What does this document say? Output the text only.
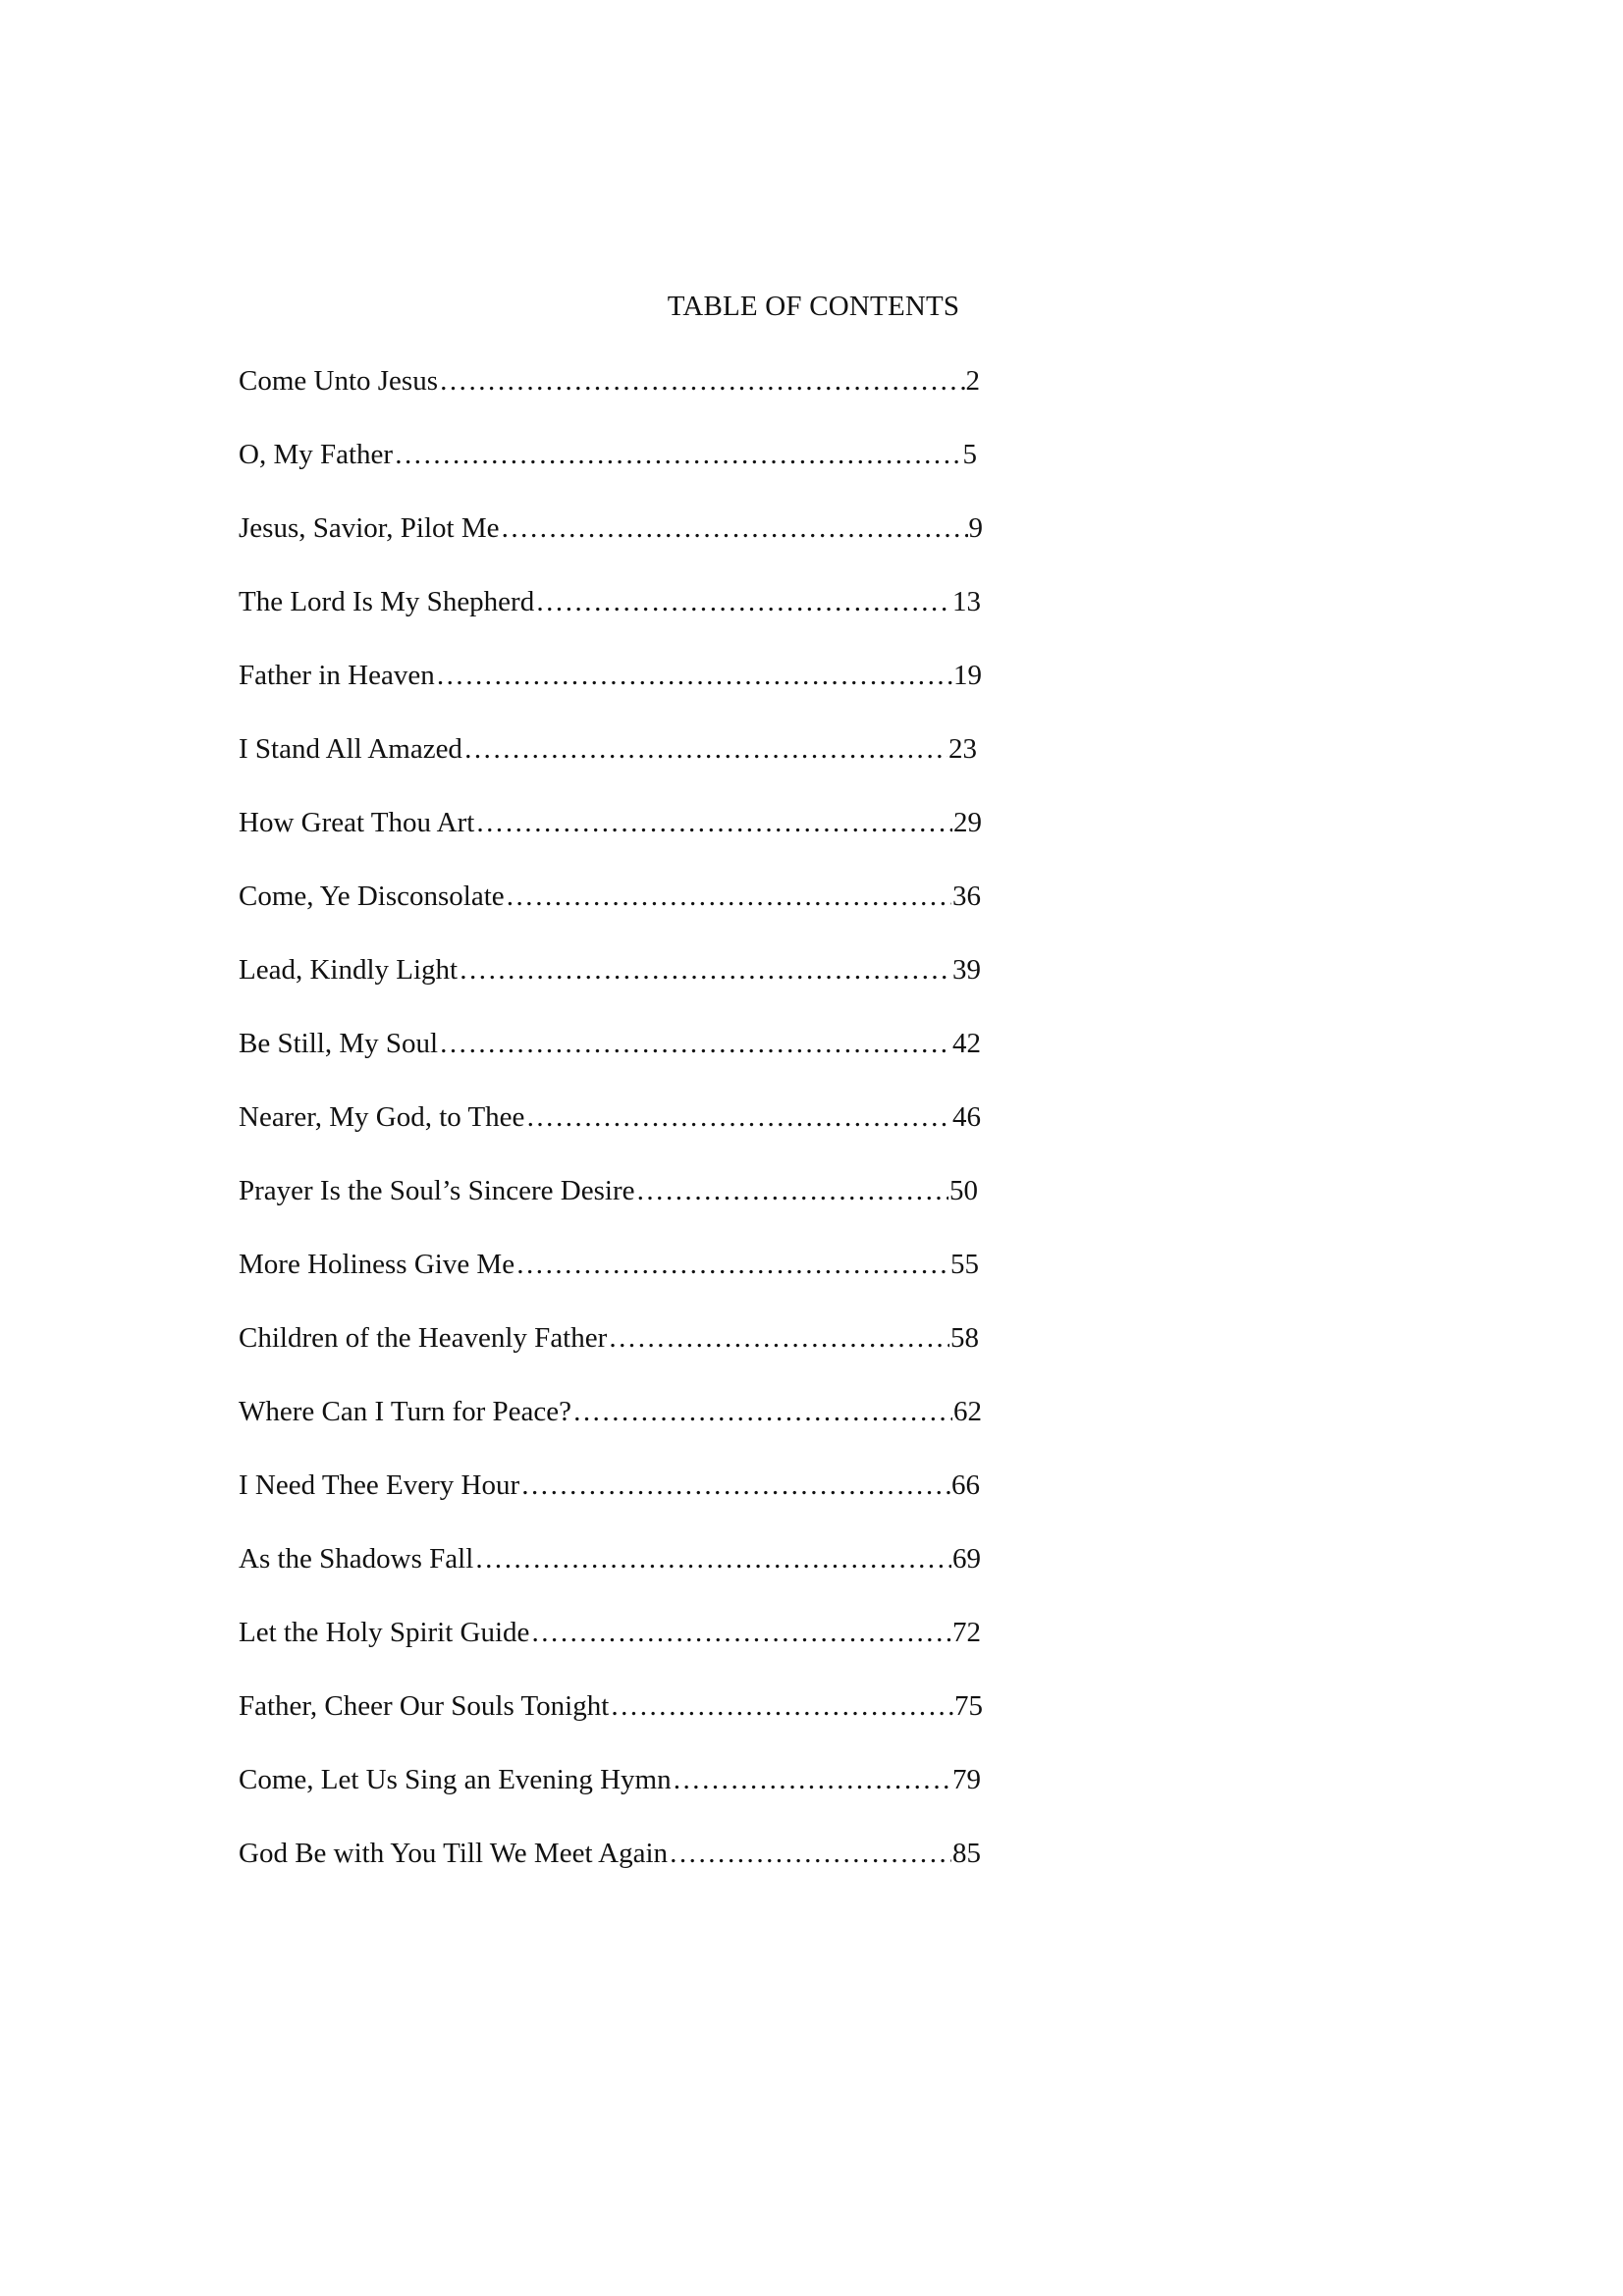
TABLE OF CONTENTS
Come Unto Jesus …………………………………………………………………………………………………………………………………………………………	2
O, My Father …………………………………………………………………………………………………………………………………………………………	5
Jesus, Savior, Pilot Me …………………………………………………………………………………………………………………………………………………………	9
The Lord Is My Shepherd …………………………………………………………………………………………………………………………………………………………	13
Father in Heaven …………………………………………………………………………………………………………………………………………………………	19
I Stand All Amazed …………………………………………………………………………………………………………………………………………………………	23
How Great Thou Art …………………………………………………………………………………………………………………………………………………………	29
Come, Ye Disconsolate …………………………………………………………………………………………………………………………………………………………	36
Lead, Kindly Light …………………………………………………………………………………………………………………………………………………………	39
Be Still, My Soul …………………………………………………………………………………………………………………………………………………………	42
Nearer, My God, to Thee …………………………………………………………………………………………………………………………………………………………	46
Prayer Is the Soul’s Sincere Desire …………………………………………………………………………………………………………………………………………………………	50
More Holiness Give Me …………………………………………………………………………………………………………………………………………………………	55
Children of the Heavenly Father …………………………………………………………………………………………………………………………………………………………	58
Where Can I Turn for Peace? …………………………………………………………………………………………………………………………………………………………	62
I Need Thee Every Hour …………………………………………………………………………………………………………………………………………………………	66
As the Shadows Fall …………………………………………………………………………………………………………………………………………………………	69
Let the Holy Spirit Guide …………………………………………………………………………………………………………………………………………………………	72
Father, Cheer Our Souls Tonight …………………………………………………………………………………………………………………………………………………………	75
Come, Let Us Sing an Evening Hymn …………………………………………………………………………………………………………………………………………………………	79
God Be with You Till We Meet Again …………………………………………………………………………………………………………………………………………………………	85
